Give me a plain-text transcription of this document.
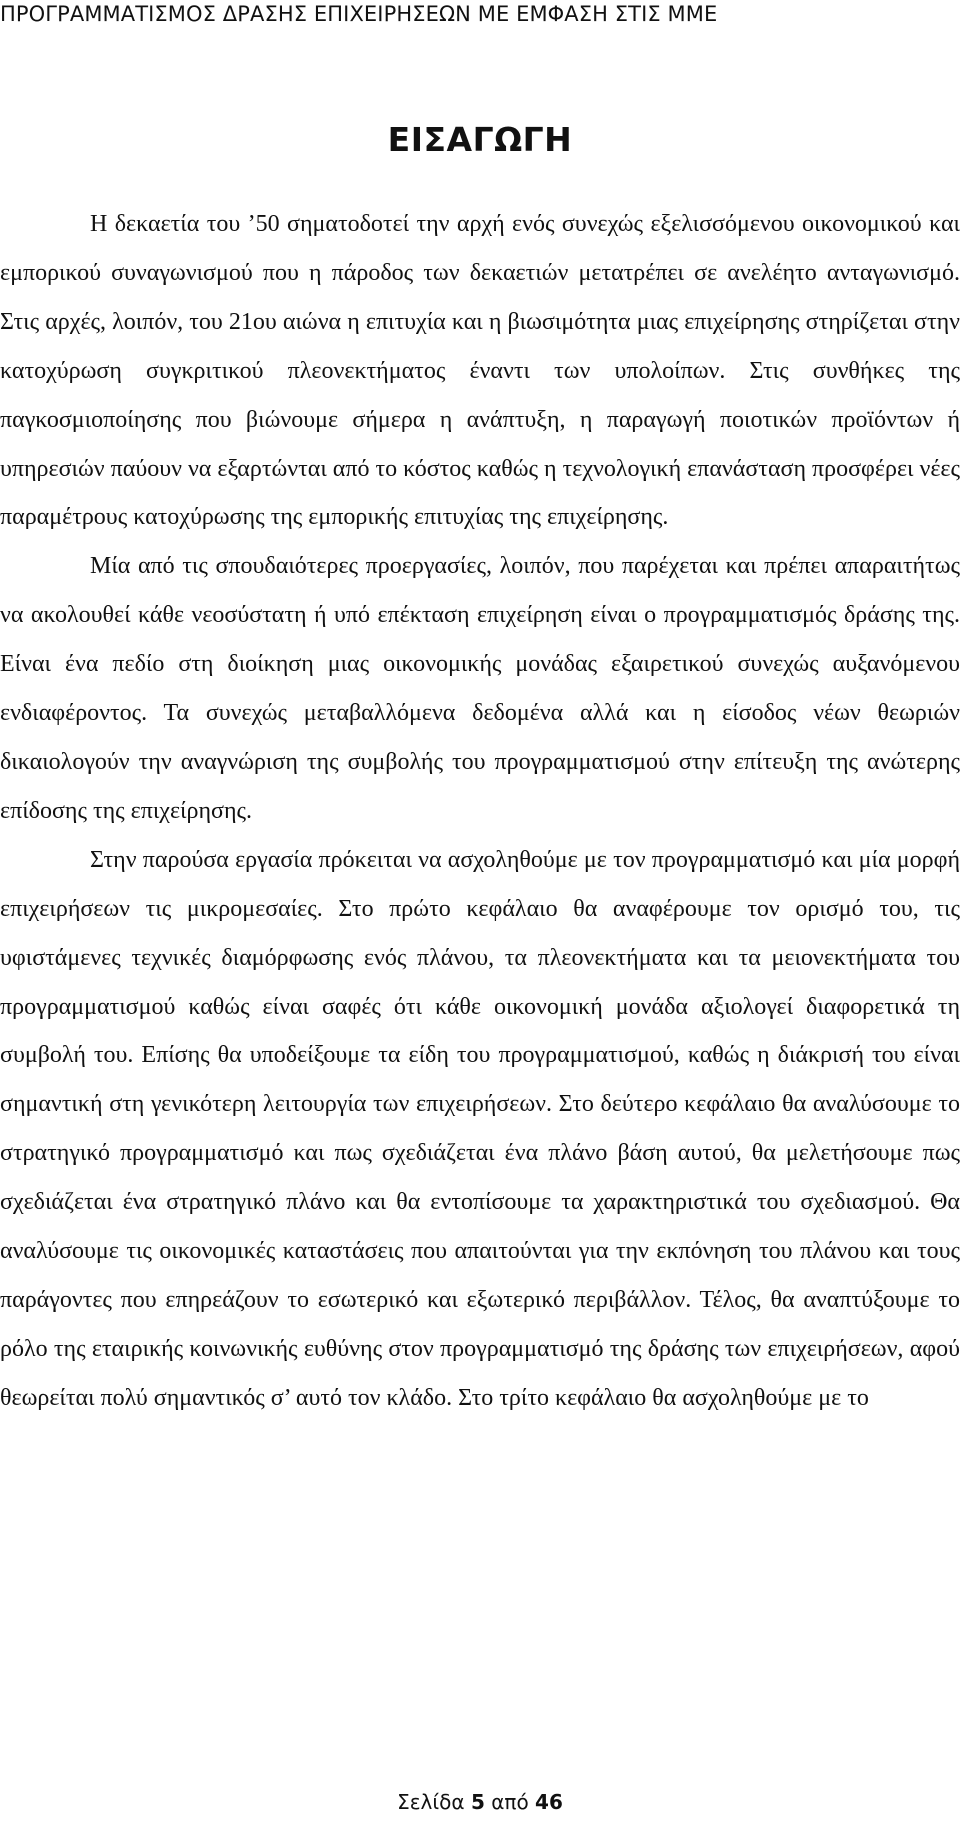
ΠΡΟΓΡΑΜΜΑΤΙΣΜΟΣ ΔΡΑΣΗΣ ΕΠΙΧΕΙΡΗΣΕΩΝ ΜΕ ΕΜΦΑΣΗ ΣΤΙΣ ΜΜΕ
ΕΙΣΑΓΩΓΗ

Η δεκαετία του ’50 σηματοδοτεί την αρχή ενός συνεχώς εξελισσόμενου οικονομικού και εμπορικού συναγωνισμού που η πάροδος των δεκαετιών μετατρέπει σε ανελέητο ανταγωνισμό. Στις αρχές, λοιπόν, του 21ου αιώνα η επιτυχία και η βιωσιμότητα μιας επιχείρησης στηρίζεται στην κατοχύρωση συγκριτικού πλεονεκτήματος έναντι των υπολοίπων. Στις συνθήκες της παγκοσμιοποίησης που βιώνουμε σήμερα η ανάπτυξη, η παραγωγή ποιοτικών προϊόντων ή υπηρεσιών παύουν να εξαρτώνται από το κόστος καθώς η τεχνολογική επανάσταση προσφέρει νέες παραμέτρους κατοχύρωσης της εμπορικής επιτυχίας της επιχείρησης.

Μία από τις σπουδαιότερες προεργασίες, λοιπόν, που παρέχεται και πρέπει απαραιτήτως να ακολουθεί κάθε νεοσύστατη ή υπό επέκταση επιχείρηση είναι ο προγραμματισμός δράσης της. Είναι ένα πεδίο στη διοίκηση μιας οικονομικής μονάδας εξαιρετικού συνεχώς αυξανόμενου ενδιαφέροντος. Τα συνεχώς μεταβαλλόμενα δεδομένα αλλά και η είσοδος νέων θεωριών δικαιολογούν την αναγνώριση της συμβολής του προγραμματισμού στην επίτευξη της ανώτερης επίδοσης της επιχείρησης.

Στην παρούσα εργασία πρόκειται να ασχοληθούμε με τον προγραμματισμό και μία μορφή επιχειρήσεων τις μικρομεσαίες. Στο πρώτο κεφάλαιο θα αναφέρουμε τον ορισμό του, τις υφιστάμενες τεχνικές διαμόρφωσης ενός πλάνου, τα πλεονεκτήματα και τα μειονεκτήματα του προγραμματισμού καθώς είναι σαφές ότι κάθε οικονομική μονάδα αξιολογεί διαφορετικά τη συμβολή του. Επίσης θα υποδείξουμε τα είδη του προγραμματισμού, καθώς η διάκρισή του είναι σημαντική στη γενικότερη λειτουργία των επιχειρήσεων. Στο δεύτερο κεφάλαιο θα αναλύσουμε το στρατηγικό προγραμματισμό και πως σχεδιάζεται ένα πλάνο βάση αυτού, θα μελετήσουμε πως σχεδιάζεται ένα στρατηγικό πλάνο και θα εντοπίσουμε τα χαρακτηριστικά του σχεδιασμού. Θα αναλύσουμε τις οικονομικές καταστάσεις που απαιτούνται για την εκπόνηση του πλάνου και τους παράγοντες που επηρεάζουν το εσωτερικό και εξωτερικό περιβάλλον. Τέλος, θα αναπτύξουμε το ρόλο της εταιρικής κοινωνικής ευθύνης στον προγραμματισμό της δράσης των επιχειρήσεων, αφού θεωρείται πολύ σημαντικός σ’ αυτό τον κλάδο. Στο τρίτο κεφάλαιο θα ασχοληθούμε με το

Σελίδα 5 από 46
